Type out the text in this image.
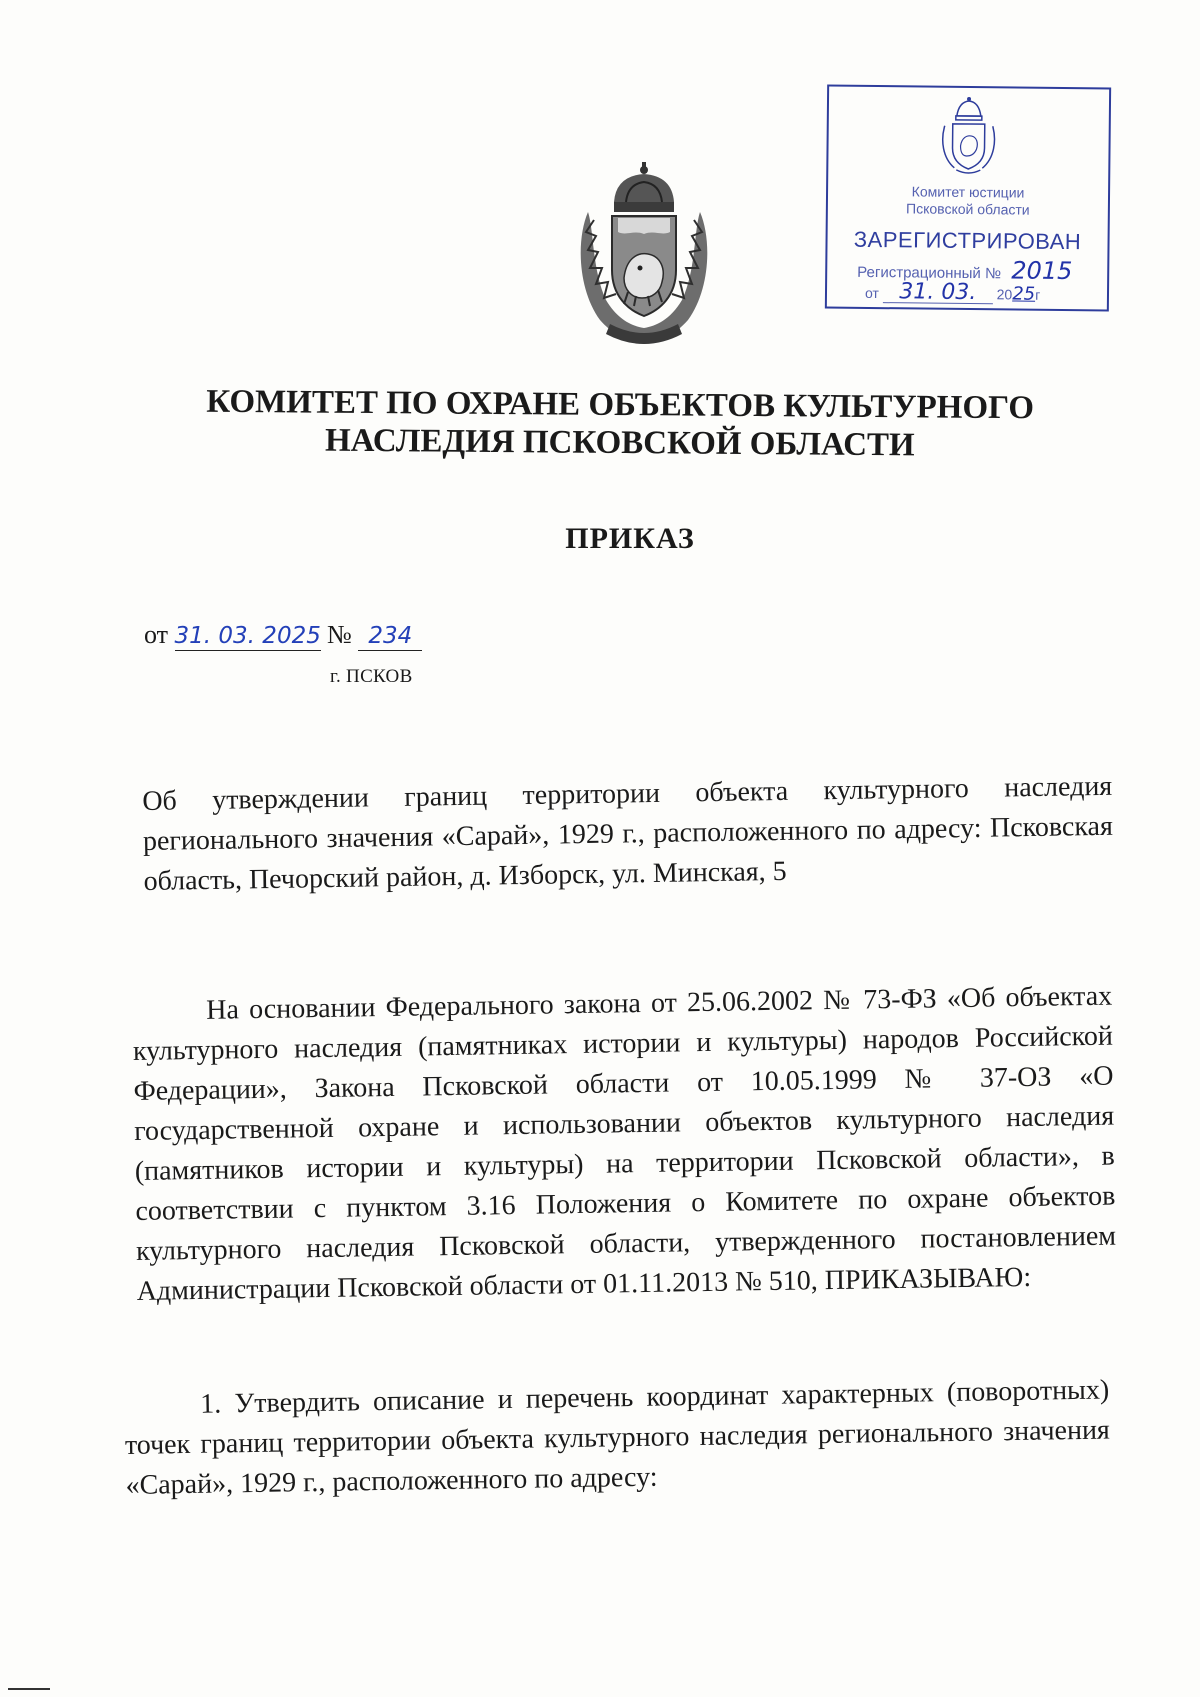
Комитет юстиции
Псковской области
ЗАРЕГИСТРИРОВАН
Регистрационный № 2015
от 31. 03. 2025г
КОМИТЕТ ПО ОХРАНЕ ОБЪЕКТОВ КУЛЬТУРНОГО НАСЛЕДИЯ ПСКОВСКОЙ ОБЛАСТИ
ПРИКАЗ
от 31. 03. 2025 № 234
г. ПСКОВ
Об утверждении границ территории объекта культурного наследия регионального значения «Сарай», 1929 г., расположенного по адресу: Псковская область, Печорский район, д. Изборск, ул. Минская, 5
На основании Федерального закона от 25.06.2002 № 73-ФЗ «Об объектах культурного наследия (памятниках истории и культуры) народов Российской Федерации», Закона Псковской области от 10.05.1999 № 37-ОЗ «О государственной охране и использовании объектов культурного наследия (памятников истории и культуры) на территории Псковской области», в соответствии с пунктом 3.16 Положения о Комитете по охране объектов культурного наследия Псковской области, утвержденного постановлением Администрации Псковской области от 01.11.2013 № 510, ПРИКАЗЫВАЮ:
1. Утвердить описание и перечень координат характерных (поворотных) точек границ территории объекта культурного наследия регионального значения «Сарай», 1929 г., расположенного по адресу:
